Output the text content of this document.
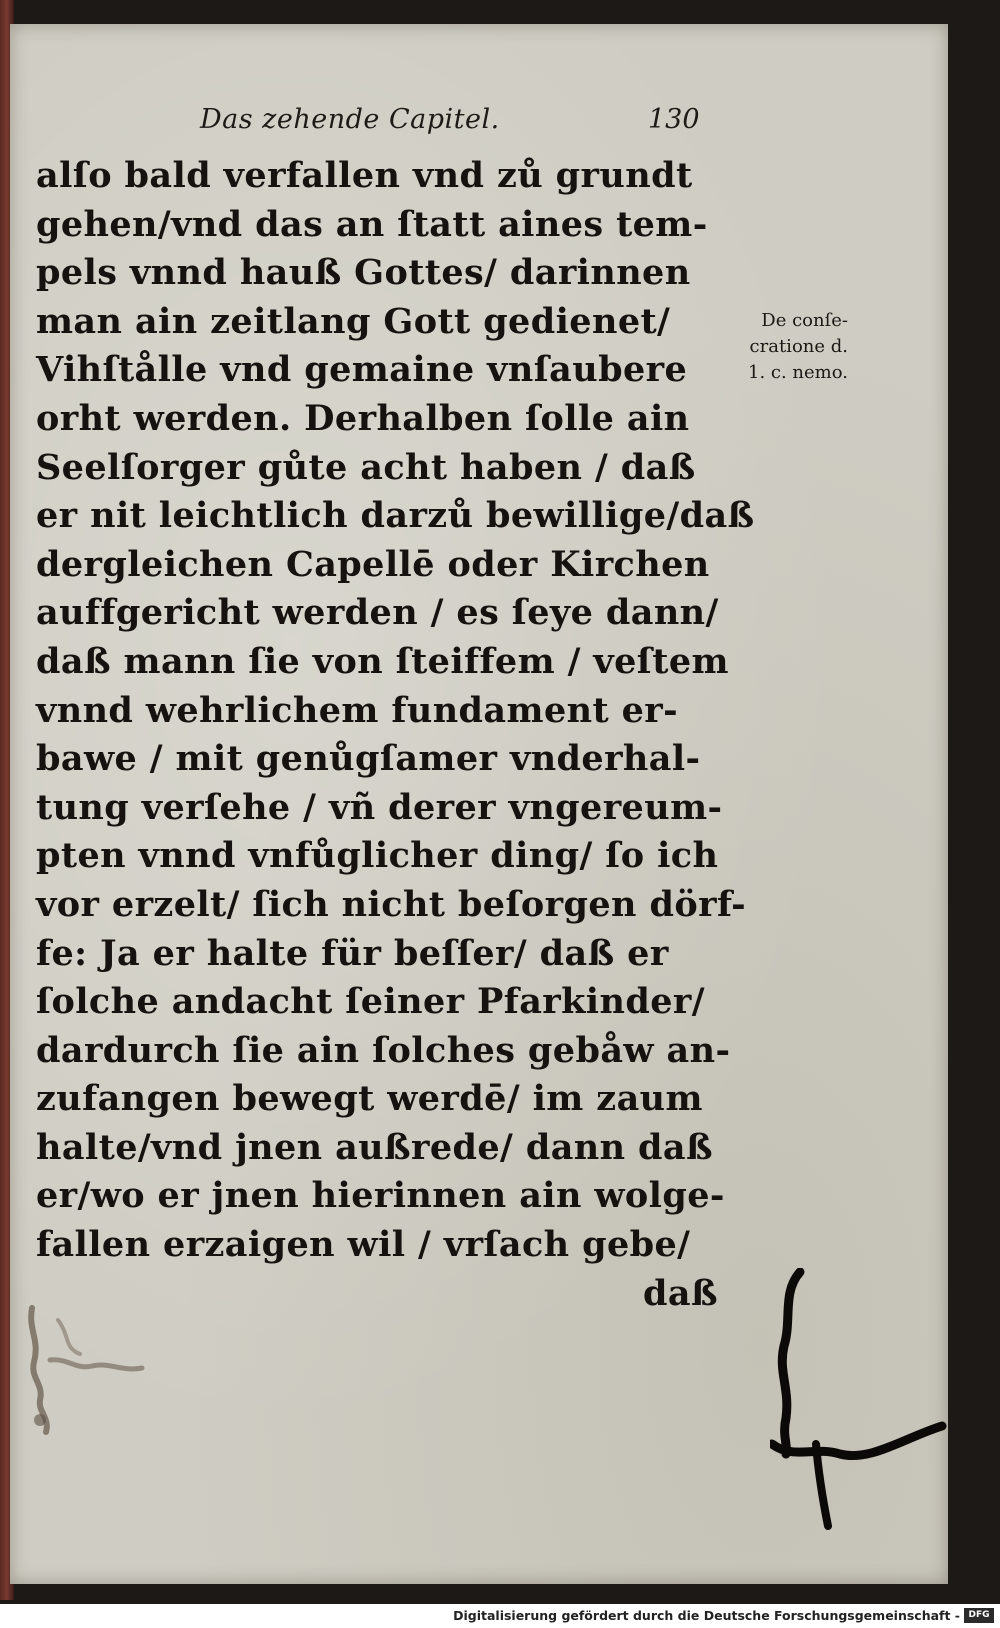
Das zehende Capitel.	130
alſo bald verfallen vnd zů grundt
gehen/vnd das an ſtatt aines tem-
pels vnnd hauß Gottes/ darinnen
man ain zeitlang Gott gedienet/
Vihſtålle vnd gemaine vnſaubere
orht werden. Derhalben ſolle ain
Seelſorger gůte acht haben / daß
er nit leichtlich darzů bewillige/daß
dergleichen Capellē oder Kirchen
auffgericht werden / es ſeye dann/
daß mann ſie von ſteiffem / veſtem
vnnd wehrlichem fundament er-
bawe / mit genůgſamer vnderhal-
tung verſehe / vñ derer vngereum-
pten vnnd vnfůglicher ding/ ſo ich
vor erzelt/ ſich nicht beſorgen dörf-
fe: Ja er halte für beſſer/ daß er
ſolche andacht ſeiner Pfarkinder/
dardurch ſie ain ſolches gebåw an-
zufangen bewegt werdē/ im zaum
halte/vnd jnen außrede/ dann daß
er/wo er jnen hierinnen ain wolge-
fallen erzaigen wil / vrſach gebe/
daß
De conſe-
cratione d.
1. c. nemo.
Digitalisierung gefördert durch die Deutsche Forschungsgemeinschaft - DFG
